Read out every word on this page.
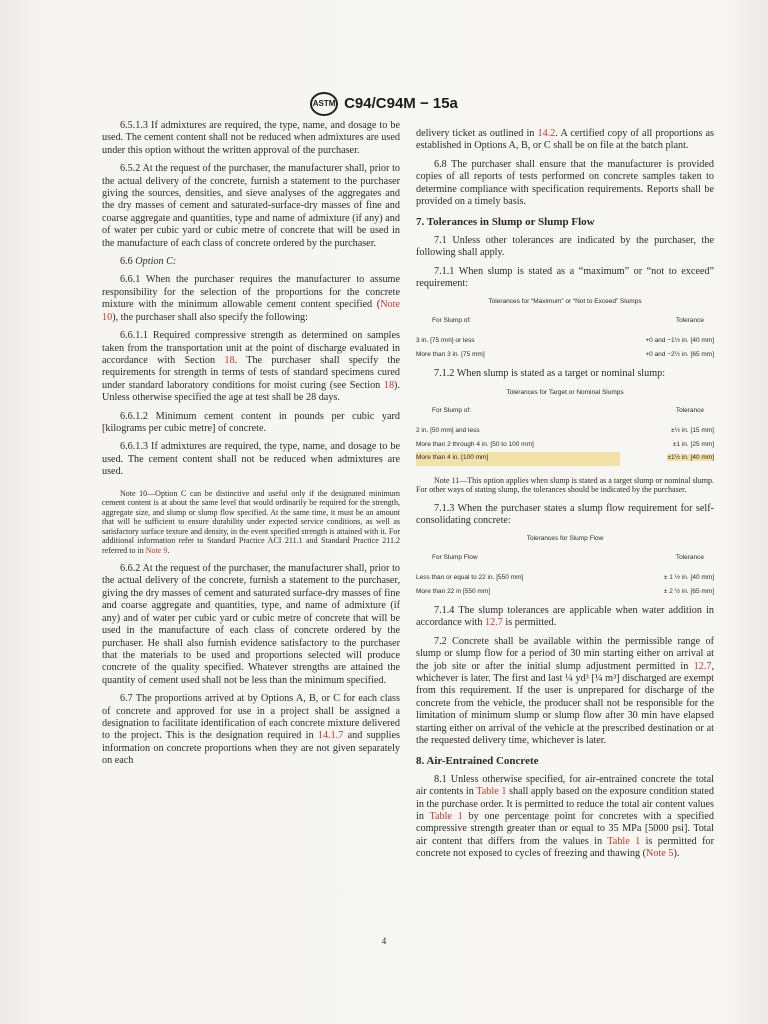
ASTM C94/C94M − 15a

6.5.1.3 If admixtures are required, the type, name, and dosage to be used. The cement content shall not be reduced when admixtures are used under this option without the written approval of the purchaser.

6.5.2 At the request of the purchaser, the manufacturer shall, prior to the actual delivery of the concrete, furnish a statement to the purchaser giving the sources, densities, and sieve analyses of the aggregates and the dry masses of cement and saturated-surface-dry masses of fine and coarse aggregate and quantities, type and name of admixture (if any) and of water per cubic yard or cubic metre of concrete that will be used in the manufacture of each class of concrete ordered by the purchaser.

6.6 Option C:

6.6.1 When the purchaser requires the manufacturer to assume responsibility for the selection of the proportions for the concrete mixture with the minimum allowable cement content specified (Note 10), the purchaser shall also specify the following:

6.6.1.1 Required compressive strength as determined on samples taken from the transportation unit at the point of discharge evaluated in accordance with Section 18. The purchaser shall specify the requirements for strength in terms of tests of standard specimens cured under standard laboratory conditions for moist curing (see Section 18). Unless otherwise specified the age at test shall be 28 days.

6.6.1.2 Minimum cement content in pounds per cubic yard [kilograms per cubic metre] of concrete.

6.6.1.3 If admixtures are required, the type, name, and dosage to be used. The cement content shall not be reduced when admixtures are used.

Note 10—Option C can be distinctive and useful only if the designated minimum cement content is at about the same level that would ordinarily be required for the strength, aggregate size, and slump or slump flow specified. At the same time, it must be an amount that will be sufficient to ensure durability under expected service conditions, as well as satisfactory surface texture and density, in the event specified strength is attained with it. For additional information refer to Standard Practice ACI 211.1 and Standard Practice 211.2 referred to in Note 9.

6.6.2 At the request of the purchaser, the manufacturer shall, prior to the actual delivery of the concrete, furnish a statement to the purchaser, giving the dry masses of cement and saturated surface-dry masses of fine and coarse aggregate and quantities, type, and name of admixture (if any) and of water per cubic yard or cubic metre of concrete that will be used in the manufacture of each class of concrete ordered by the purchaser. He shall also furnish evidence satisfactory to the purchaser that the materials to be used and proportions selected will produce concrete of the quality specified. Whatever strengths are attained the quantity of cement used shall not be less than the minimum specified.

6.7 The proportions arrived at by Options A, B, or C for each class of concrete and approved for use in a project shall be assigned a designation to facilitate identification of each concrete mixture delivered to the project. This is the designation required in 14.1.7 and supplies information on concrete proportions when they are not given separately on each

delivery ticket as outlined in 14.2. A certified copy of all proportions as established in Options A, B, or C shall be on file at the batch plant.

6.8 The purchaser shall ensure that the manufacturer is provided copies of all reports of tests performed on concrete samples taken to determine compliance with specification requirements. Reports shall be provided on a timely basis.

7. Tolerances in Slump or Slump Flow

7.1 Unless other tolerances are indicated by the purchaser, the following shall apply.

7.1.1 When slump is stated as a “maximum” or “not to exceed” requirement:

Tolerances for “Maximum” or “Not to Exceed” Slumps
For Slump of:	Tolerance
3 in. [75 mm] or less	+0 and −1½ in. [40 mm]
More than 3 in. [75 mm]	+0 and −2½ in. [65 mm]

7.1.2 When slump is stated as a target or nominal slump:

Tolerances for Target or Nominal Slumps
For Slump of:	Tolerance
2 in. [50 mm] and less	±½ in. [15 mm]
More than 2 through 4 in. [50 to 100 mm]	±1 in. [25 mm]
More than 4 in. [100 mm]	±1½ in. [40 mm]

Note 11—This option applies when slump is stated as a target slump or nominal slump. For other ways of stating slump, the tolerances should be indicated by the purchaser.

7.1.3 When the purchaser states a slump flow requirement for self-consolidating concrete:

Tolerances for Slump Flow
For Slump Flow	Tolerance
Less than or equal to 22 in. [550 mm]	± 1 ½ in. [40 mm]
More than 22 in [550 mm]	± 2 ½ in. [65 mm]

7.1.4 The slump tolerances are applicable when water addition in accordance with 12.7 is permitted.

7.2 Concrete shall be available within the permissible range of slump or slump flow for a period of 30 min starting either on arrival at the job site or after the initial slump adjustment permitted in 12.7, whichever is later. The first and last ¼ yd³ [¼ m³] discharged are exempt from this requirement. If the user is unprepared for discharge of the concrete from the vehicle, the producer shall not be responsible for the limitation of minimum slump or slump flow after 30 min have elapsed starting either on arrival of the vehicle at the prescribed destination or at the requested delivery time, whichever is later.

8. Air-Entrained Concrete

8.1 Unless otherwise specified, for air-entrained concrete the total air contents in Table 1 shall apply based on the exposure condition stated in the purchase order. It is permitted to reduce the total air content values in Table 1 by one percentage point for concretes with a specified compressive strength greater than or equal to 35 MPa [5000 psi]. Total air content that differs from the values in Table 1 is permitted for concrete not exposed to cycles of freezing and thawing (Note 5).

4
